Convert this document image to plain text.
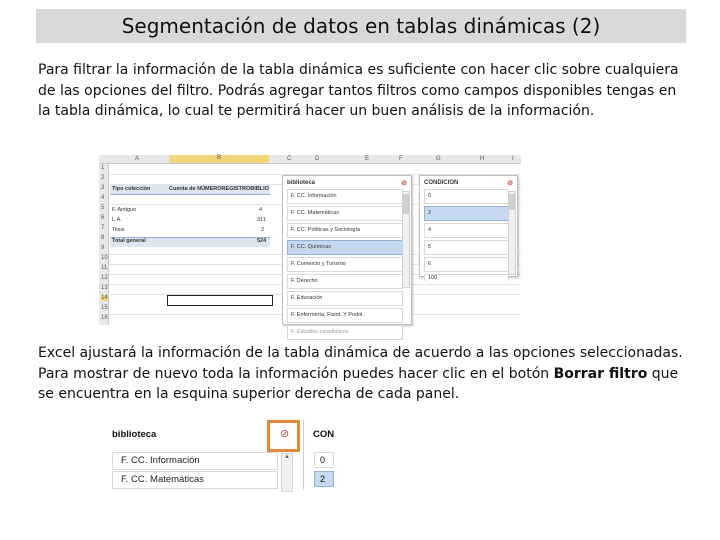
Segmentación de datos en tablas dinámicas (2)

Para filtrar la información de la tabla dinámica es suficiente con hacer clic sobre cualquiera de las opciones del filtro. Podrás agregar tantos filtros como campos disponibles tengas en la tabla dinámica, lo cual te permitirá hacer un buen análisis de la información.

A	B	C	D	E	F	G	H	I
1
2
3
4
5
6
7
8
9
10
11
12
13
14
15
16
Tipo colección	Cuenta de NÚMEROREGISTROBIBLIO
F. Antiguo	4
L.A.	311
Tesis	2
Total general	524
biblioteca	⊘
F. CC. Información
F. CC. Matemáticas
F. CC. Políticas y Sociología
F. CC. Químicas
F. Comercio y Turismo
F. Derecho
F. Educación
F. Enfermería, Fisiot. Y Podol.
F. Estudios estadísticos
CONDICION	⊘
0
2
4
5
6
100

Excel ajustará la información de la tabla dinámica de acuerdo a las opciones seleccionadas. Para mostrar de nuevo toda la información puedes hacer clic en el botón Borrar filtro que se encuentra en la esquina superior derecha de cada panel.

biblioteca	⊘
F. CC. Información
F. CC. Matemáticas
▲
CON
0
2
